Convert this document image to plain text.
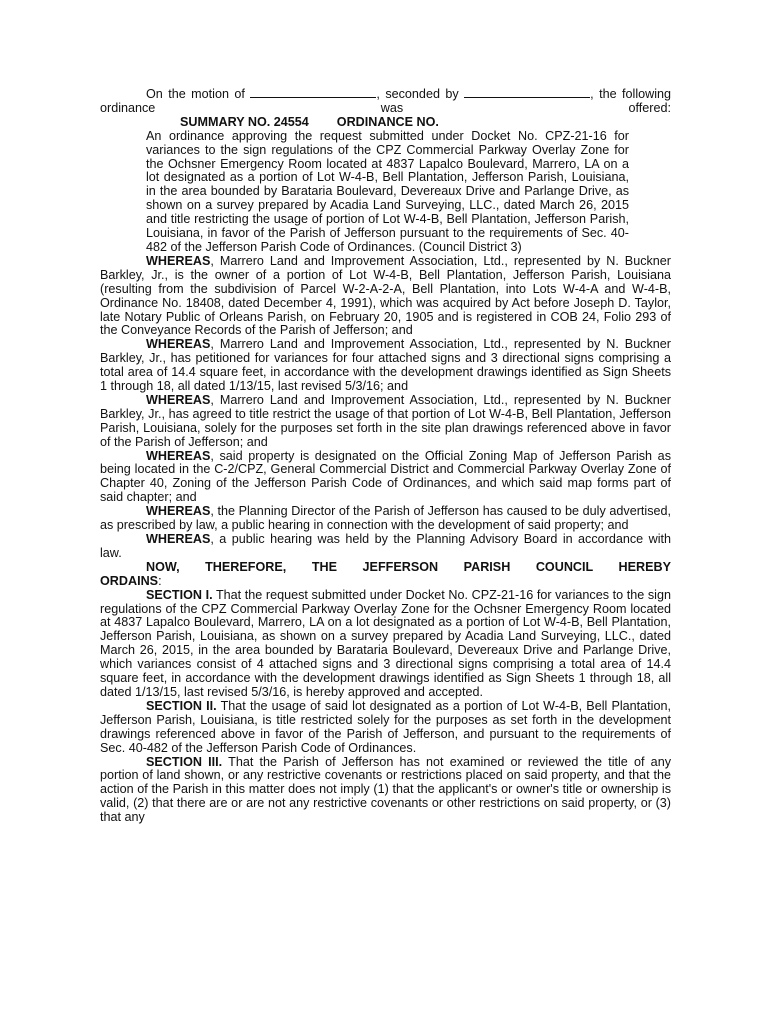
On the motion of	, seconded by	, the following ordinance was offered:

SUMMARY NO. 24554 ORDINANCE NO.

An ordinance approving the request submitted under Docket No. CPZ-21-16 for variances to the sign regulations of the CPZ Commercial Parkway Overlay Zone for the Ochsner Emergency Room located at 4837 Lapalco Boulevard, Marrero, LA on a lot designated as a portion of Lot W-4-B, Bell Plantation, Jefferson Parish, Louisiana, in the area bounded by Barataria Boulevard, Devereaux Drive and Parlange Drive, as shown on a survey prepared by Acadia Land Surveying, LLC., dated March 26, 2015 and title restricting the usage of portion of Lot W-4-B, Bell Plantation, Jefferson Parish, Louisiana, in favor of the Parish of Jefferson pursuant to the requirements of Sec. 40-482 of the Jefferson Parish Code of Ordinances. (Council District 3)

WHEREAS, Marrero Land and Improvement Association, Ltd., represented by N. Buckner Barkley, Jr., is the owner of a portion of Lot W-4-B, Bell Plantation, Jefferson Parish, Louisiana (resulting from the subdivision of Parcel W-2-A-2-A, Bell Plantation, into Lots W-4-A and W-4-B, Ordinance No. 18408, dated December 4, 1991), which was acquired by Act before Joseph D. Taylor, late Notary Public of Orleans Parish, on February 20, 1905 and is registered in COB 24, Folio 293 of the Conveyance Records of the Parish of Jefferson; and

WHEREAS, Marrero Land and Improvement Association, Ltd., represented by N. Buckner Barkley, Jr., has petitioned for variances for four attached signs and 3 directional signs comprising a total area of 14.4 square feet, in accordance with the development drawings identified as Sign Sheets 1 through 18, all dated 1/13/15, last revised 5/3/16; and

WHEREAS, Marrero Land and Improvement Association, Ltd., represented by N. Buckner Barkley, Jr., has agreed to title restrict the usage of that portion of Lot W-4-B, Bell Plantation, Jefferson Parish, Louisiana, solely for the purposes set forth in the site plan drawings referenced above in favor of the Parish of Jefferson; and

WHEREAS, said property is designated on the Official Zoning Map of Jefferson Parish as being located in the C-2/CPZ, General Commercial District and Commercial Parkway Overlay Zone of Chapter 40, Zoning of the Jefferson Parish Code of Ordinances, and which said map forms part of said chapter; and

WHEREAS, the Planning Director of the Parish of Jefferson has caused to be duly advertised, as prescribed by law, a public hearing in connection with the development of said property; and

WHEREAS, a public hearing was held by the Planning Advisory Board in accordance with law.

NOW, THEREFORE, THE JEFFERSON PARISH COUNCIL HEREBY

ORDAINS:

SECTION I. That the request submitted under Docket No. CPZ-21-16 for variances to the sign regulations of the CPZ Commercial Parkway Overlay Zone for the Ochsner Emergency Room located at 4837 Lapalco Boulevard, Marrero, LA on a lot designated as a portion of Lot W-4-B, Bell Plantation, Jefferson Parish, Louisiana, as shown on a survey prepared by Acadia Land Surveying, LLC., dated March 26, 2015, in the area bounded by Barataria Boulevard, Devereaux Drive and Parlange Drive, which variances consist of 4 attached signs and 3 directional signs comprising a total area of 14.4 square feet, in accordance with the development drawings identified as Sign Sheets 1 through 18, all dated 1/13/15, last revised 5/3/16, is hereby approved and accepted.

SECTION II. That the usage of said lot designated as a portion of Lot W-4-B, Bell Plantation, Jefferson Parish, Louisiana, is title restricted solely for the purposes as set forth in the development drawings referenced above in favor of the Parish of Jefferson, and pursuant to the requirements of Sec. 40-482 of the Jefferson Parish Code of Ordinances.

SECTION III. That the Parish of Jefferson has not examined or reviewed the title of any portion of land shown, or any restrictive covenants or restrictions placed on said property, and that the action of the Parish in this matter does not imply (1) that the applicant's or owner's title or ownership is valid, (2) that there are or are not any restrictive covenants or other restrictions on said property, or (3) that any
